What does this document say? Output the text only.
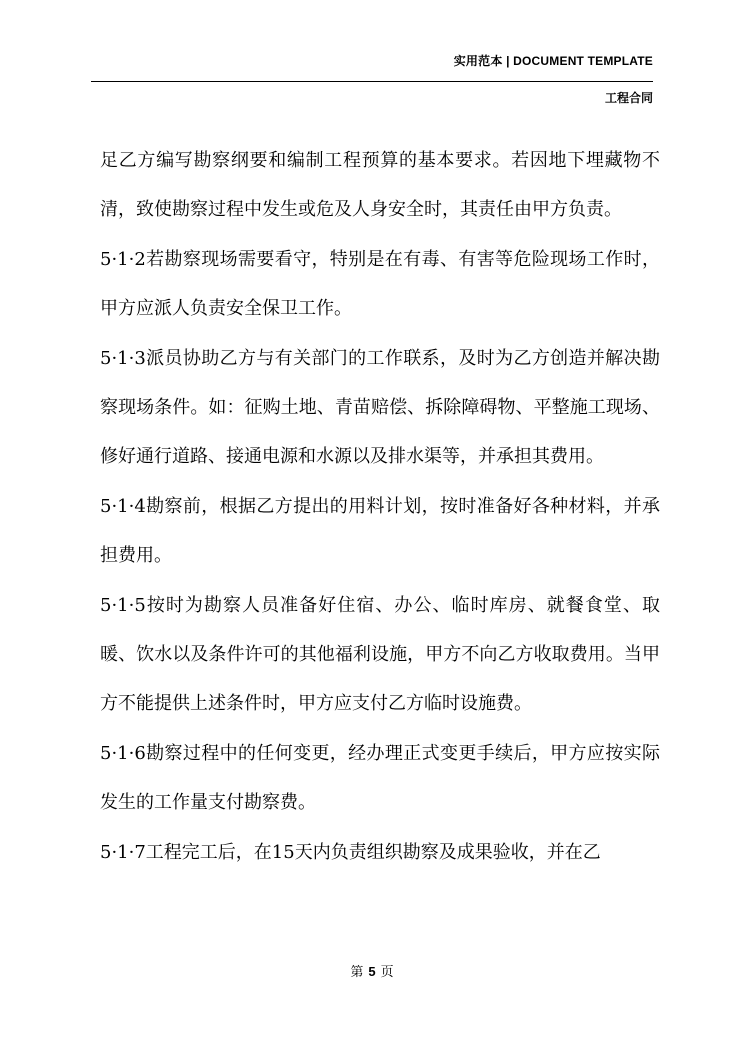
实用范本 | DOCUMENT TEMPLATE
工程合同

足乙方编写勘察纲要和编制工程预算的基本要求。若因地下埋藏物不清，致使勘察过程中发生或危及人身安全时，其责任由甲方负责。

5·1·2若勘察现场需要看守，特别是在有毒、有害等危险现场工作时，甲方应派人负责安全保卫工作。

5·1·3派员协助乙方与有关部门的工作联系，及时为乙方创造并解决勘察现场条件。如：征购土地、青苗赔偿、拆除障碍物、平整施工现场、修好通行道路、接通电源和水源以及排水渠等，并承担其费用。

5·1·4勘察前，根据乙方提出的用料计划，按时准备好各种材料，并承担费用。

5·1·5按时为勘察人员准备好住宿、办公、临时库房、就餐食堂、取暖、饮水以及条件许可的其他福利设施，甲方不向乙方收取费用。当甲方不能提供上述条件时，甲方应支付乙方临时设施费。

5·1·6勘察过程中的任何变更，经办理正式变更手续后，甲方应按实际发生的工作量支付勘察费。

5·1·7工程完工后，在15天内负责组织勘察及成果验收，并在乙

第 5 页
